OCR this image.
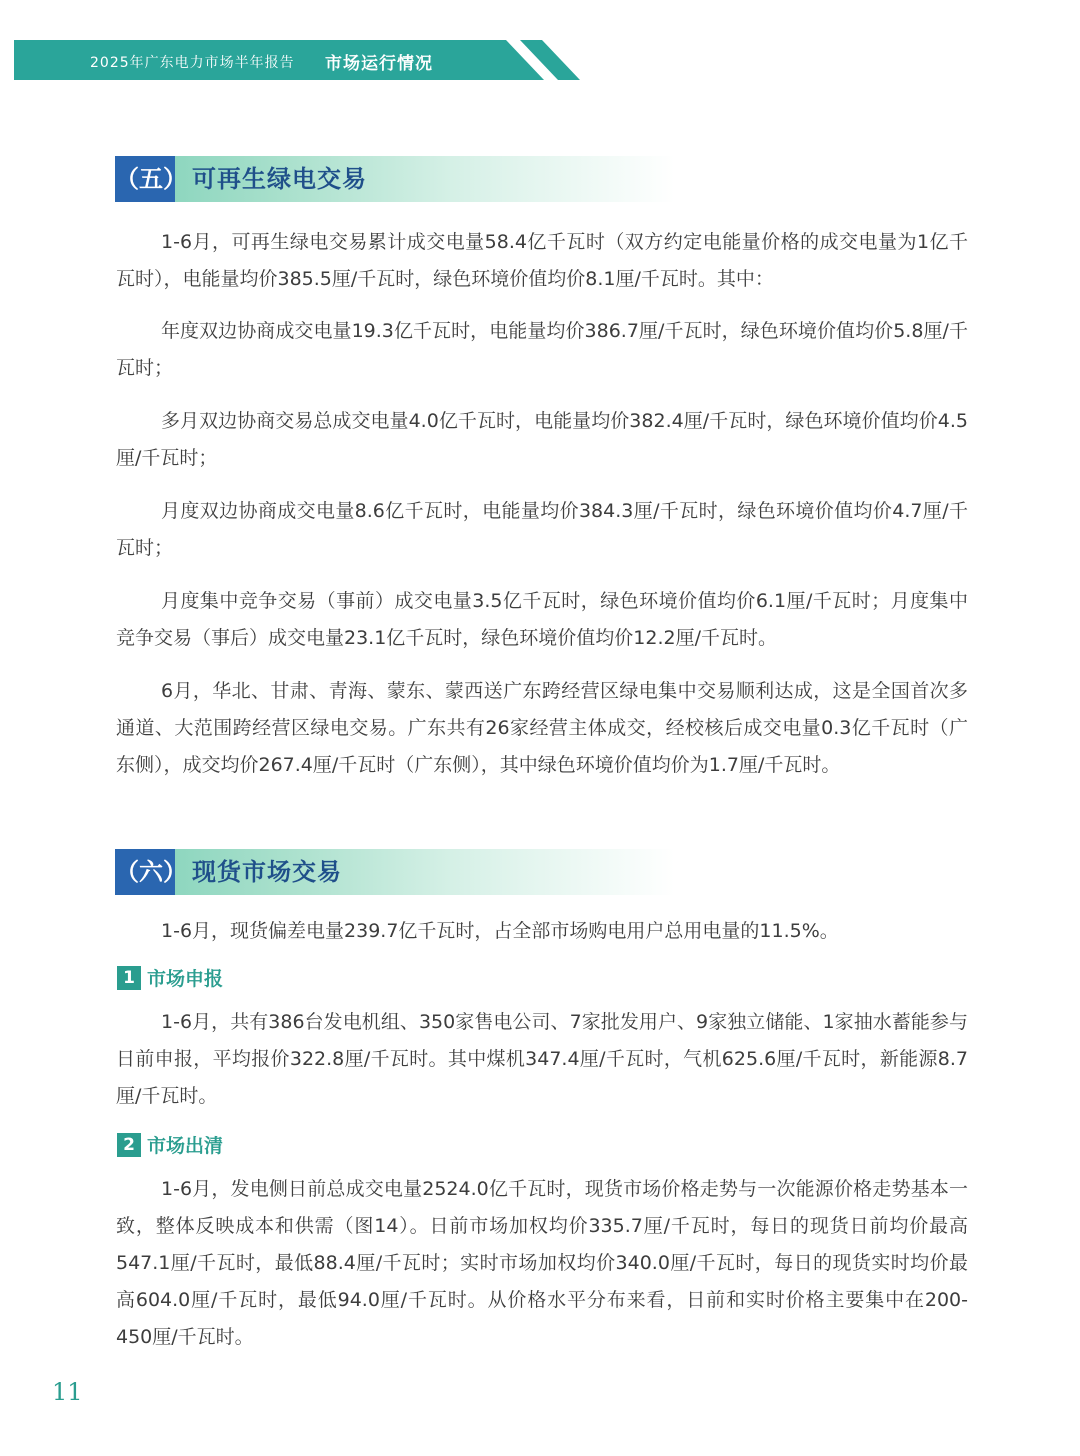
2025年广东电力市场半年报告 市场运行情况
（五） 可再生绿电交易

1-6月，可再生绿电交易累计成交电量58.4亿千瓦时（双方约定电能量价格的成交电量为1亿千瓦时），电能量均价385.5厘/千瓦时，绿色环境价值均价8.1厘/千瓦时。其中：

年度双边协商成交电量19.3亿千瓦时，电能量均价386.7厘/千瓦时，绿色环境价值均价5.8厘/千瓦时；

多月双边协商交易总成交电量4.0亿千瓦时，电能量均价382.4厘/千瓦时，绿色环境价值均价4.5厘/千瓦时；

月度双边协商成交电量8.6亿千瓦时，电能量均价384.3厘/千瓦时，绿色环境价值均价4.7厘/千瓦时；

月度集中竞争交易（事前）成交电量3.5亿千瓦时，绿色环境价值均价6.1厘/千瓦时；月度集中竞争交易（事后）成交电量23.1亿千瓦时，绿色环境价值均价12.2厘/千瓦时。

6月，华北、甘肃、青海、蒙东、蒙西送广东跨经营区绿电集中交易顺利达成，这是全国首次多通道、大范围跨经营区绿电交易。广东共有26家经营主体成交，经校核后成交电量0.3亿千瓦时（广东侧），成交均价267.4厘/千瓦时（广东侧），其中绿色环境价值均价为1.7厘/千瓦时。

（六） 现货市场交易

1-6月，现货偏差电量239.7亿千瓦时，占全部市场购电用户总用电量的11.5%。

1 市场申报

1-6月，共有386台发电机组、350家售电公司、7家批发用户、9家独立储能、1家抽水蓄能参与日前申报，平均报价322.8厘/千瓦时。其中煤机347.4厘/千瓦时，气机625.6厘/千瓦时，新能源8.7厘/千瓦时。

2 市场出清

1-6月，发电侧日前总成交电量2524.0亿千瓦时，现货市场价格走势与一次能源价格走势基本一致，整体反映成本和供需（图14）。日前市场加权均价335.7厘/千瓦时，每日的现货日前均价最高547.1厘/千瓦时，最低88.4厘/千瓦时；实时市场加权均价340.0厘/千瓦时，每日的现货实时均价最高604.0厘/千瓦时，最低94.0厘/千瓦时。从价格水平分布来看，日前和实时价格主要集中在200-450厘/千瓦时。

11
